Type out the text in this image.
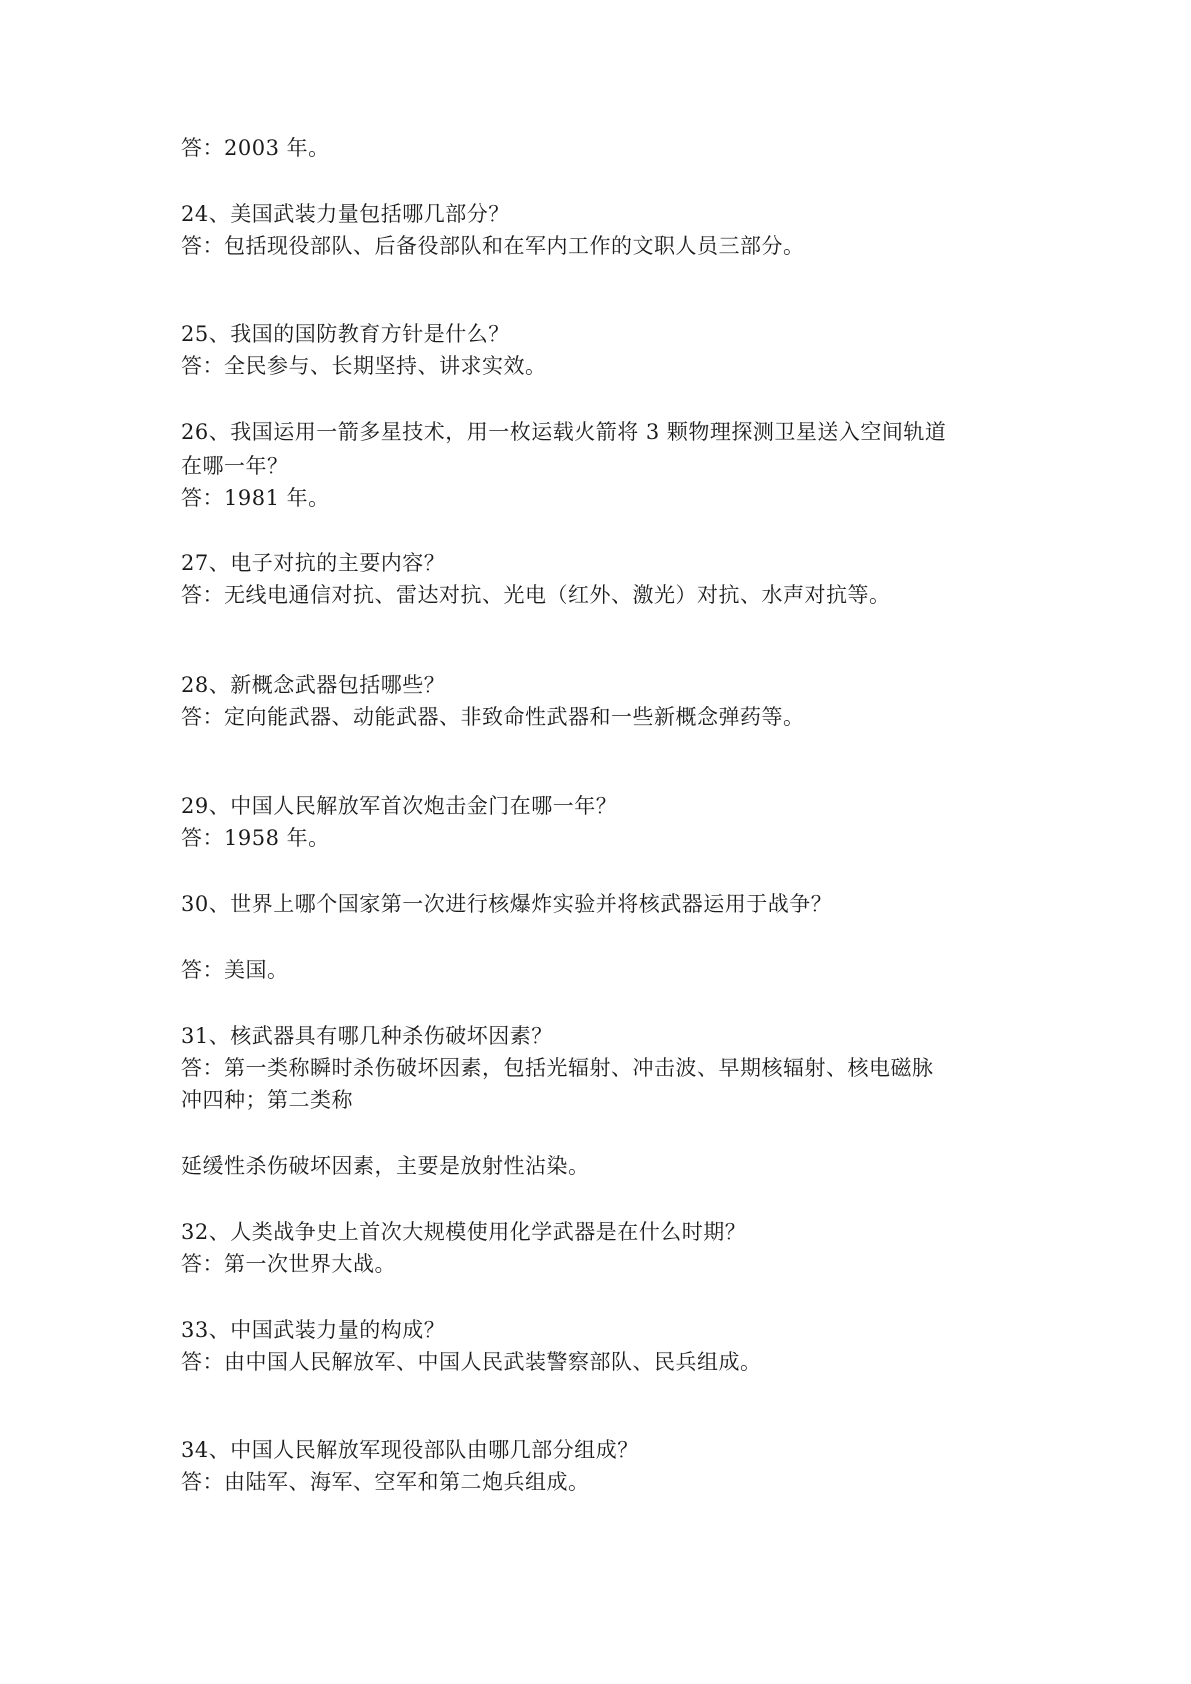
答：2003 年。
24、美国武装力量包括哪几部分？
答：包括现役部队、后备役部队和在军内工作的文职人员三部分。
25、我国的国防教育方针是什么？
答：全民参与、长期坚持、讲求实效。
26、我国运用一箭多星技术，用一枚运载火箭将 3 颗物理探测卫星送入空间轨道
在哪一年？
答：1981 年。
27、电子对抗的主要内容？
答：无线电通信对抗、雷达对抗、光电（红外、激光）对抗、水声对抗等。
28、新概念武器包括哪些？
答：定向能武器、动能武器、非致命性武器和一些新概念弹药等。
29、中国人民解放军首次炮击金门在哪一年？
答：1958 年。
30、世界上哪个国家第一次进行核爆炸实验并将核武器运用于战争？
答：美国。
31、核武器具有哪几种杀伤破坏因素？
答：第一类称瞬时杀伤破坏因素，包括光辐射、冲击波、早期核辐射、核电磁脉
冲四种；第二类称
延缓性杀伤破坏因素，主要是放射性沾染。
32、人类战争史上首次大规模使用化学武器是在什么时期？
答：第一次世界大战。
33、中国武装力量的构成？
答：由中国人民解放军、中国人民武装警察部队、民兵组成。
34、中国人民解放军现役部队由哪几部分组成？
答：由陆军、海军、空军和第二炮兵组成。
